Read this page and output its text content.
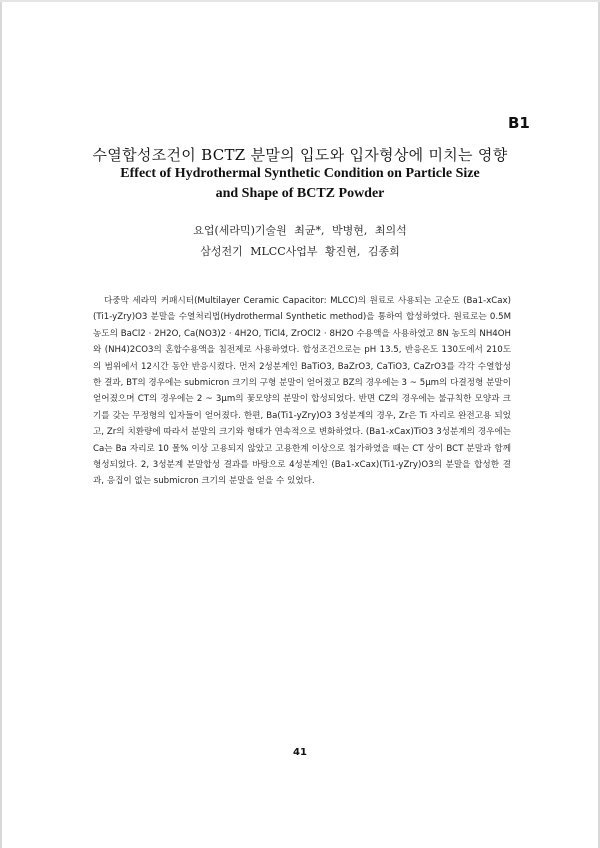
B1
수열합성조건이 BCTZ 분말의 입도와 입자형상에 미치는 영향
Effect of Hydrothermal Synthetic Condition on Particle Size
and Shape of BCTZ Powder
요업(세라믹)기술원 최균*, 박병현, 최의석
삼성전기 MLCC사업부 황진현, 김종희

다중막 세라믹 커패시터(Multilayer Ceramic Capacitor: MLCC)의 원료로 사용되는 고순도 (Ba1-xCax)(Ti1-yZry)O3 분말을 수열처리법(Hydrothermal Synthetic method)을 통하여 합성하였다. 원료로는 0.5M 농도의 BaCl2 · 2H2O, Ca(NO3)2 · 4H2O, TiCl4, ZrOCl2 · 8H2O 수용액을 사용하였고 8N 농도의 NH4OH와 (NH4)2CO3의 혼합수용액을 침전제로 사용하였다. 합성조건으로는 pH 13.5, 반응온도 130도에서 210도의 범위에서 12시간 동안 반응시켰다. 먼저 2성분계인 BaTiO3, BaZrO3, CaTiO3, CaZrO3를 각각 수열합성한 결과, BT의 경우에는 submicron 크기의 구형 분말이 얻어졌고 BZ의 경우에는 3 ~ 5μm의 다결정형 분말이 얻어졌으며 CT의 경우에는 2 ~ 3μm의 꽃모양의 분말이 합성되었다. 반면 CZ의 경우에는 불규칙한 모양과 크기를 갖는 무정형의 입자들이 얻어졌다. 한편, Ba(Ti1-yZry)O3 3성분계의 경우, Zr은 Ti 자리로 완전고용 되었고, Zr의 치환량에 따라서 분말의 크기와 형태가 연속적으로 변화하였다. (Ba1-xCax)TiO3 3성분계의 경우에는 Ca는 Ba 자리로 10 몰% 이상 고용되지 않았고 고용한계 이상으로 첨가하였을 때는 CT 상이 BCT 분말과 함께 형성되었다. 2, 3성분계 분말합성 결과를 바탕으로 4성분계인 (Ba1-xCax)(Ti1-yZry)O3의 분말을 합성한 결과, 응집이 없는 submicron 크기의 분말을 얻을 수 있었다.

41
